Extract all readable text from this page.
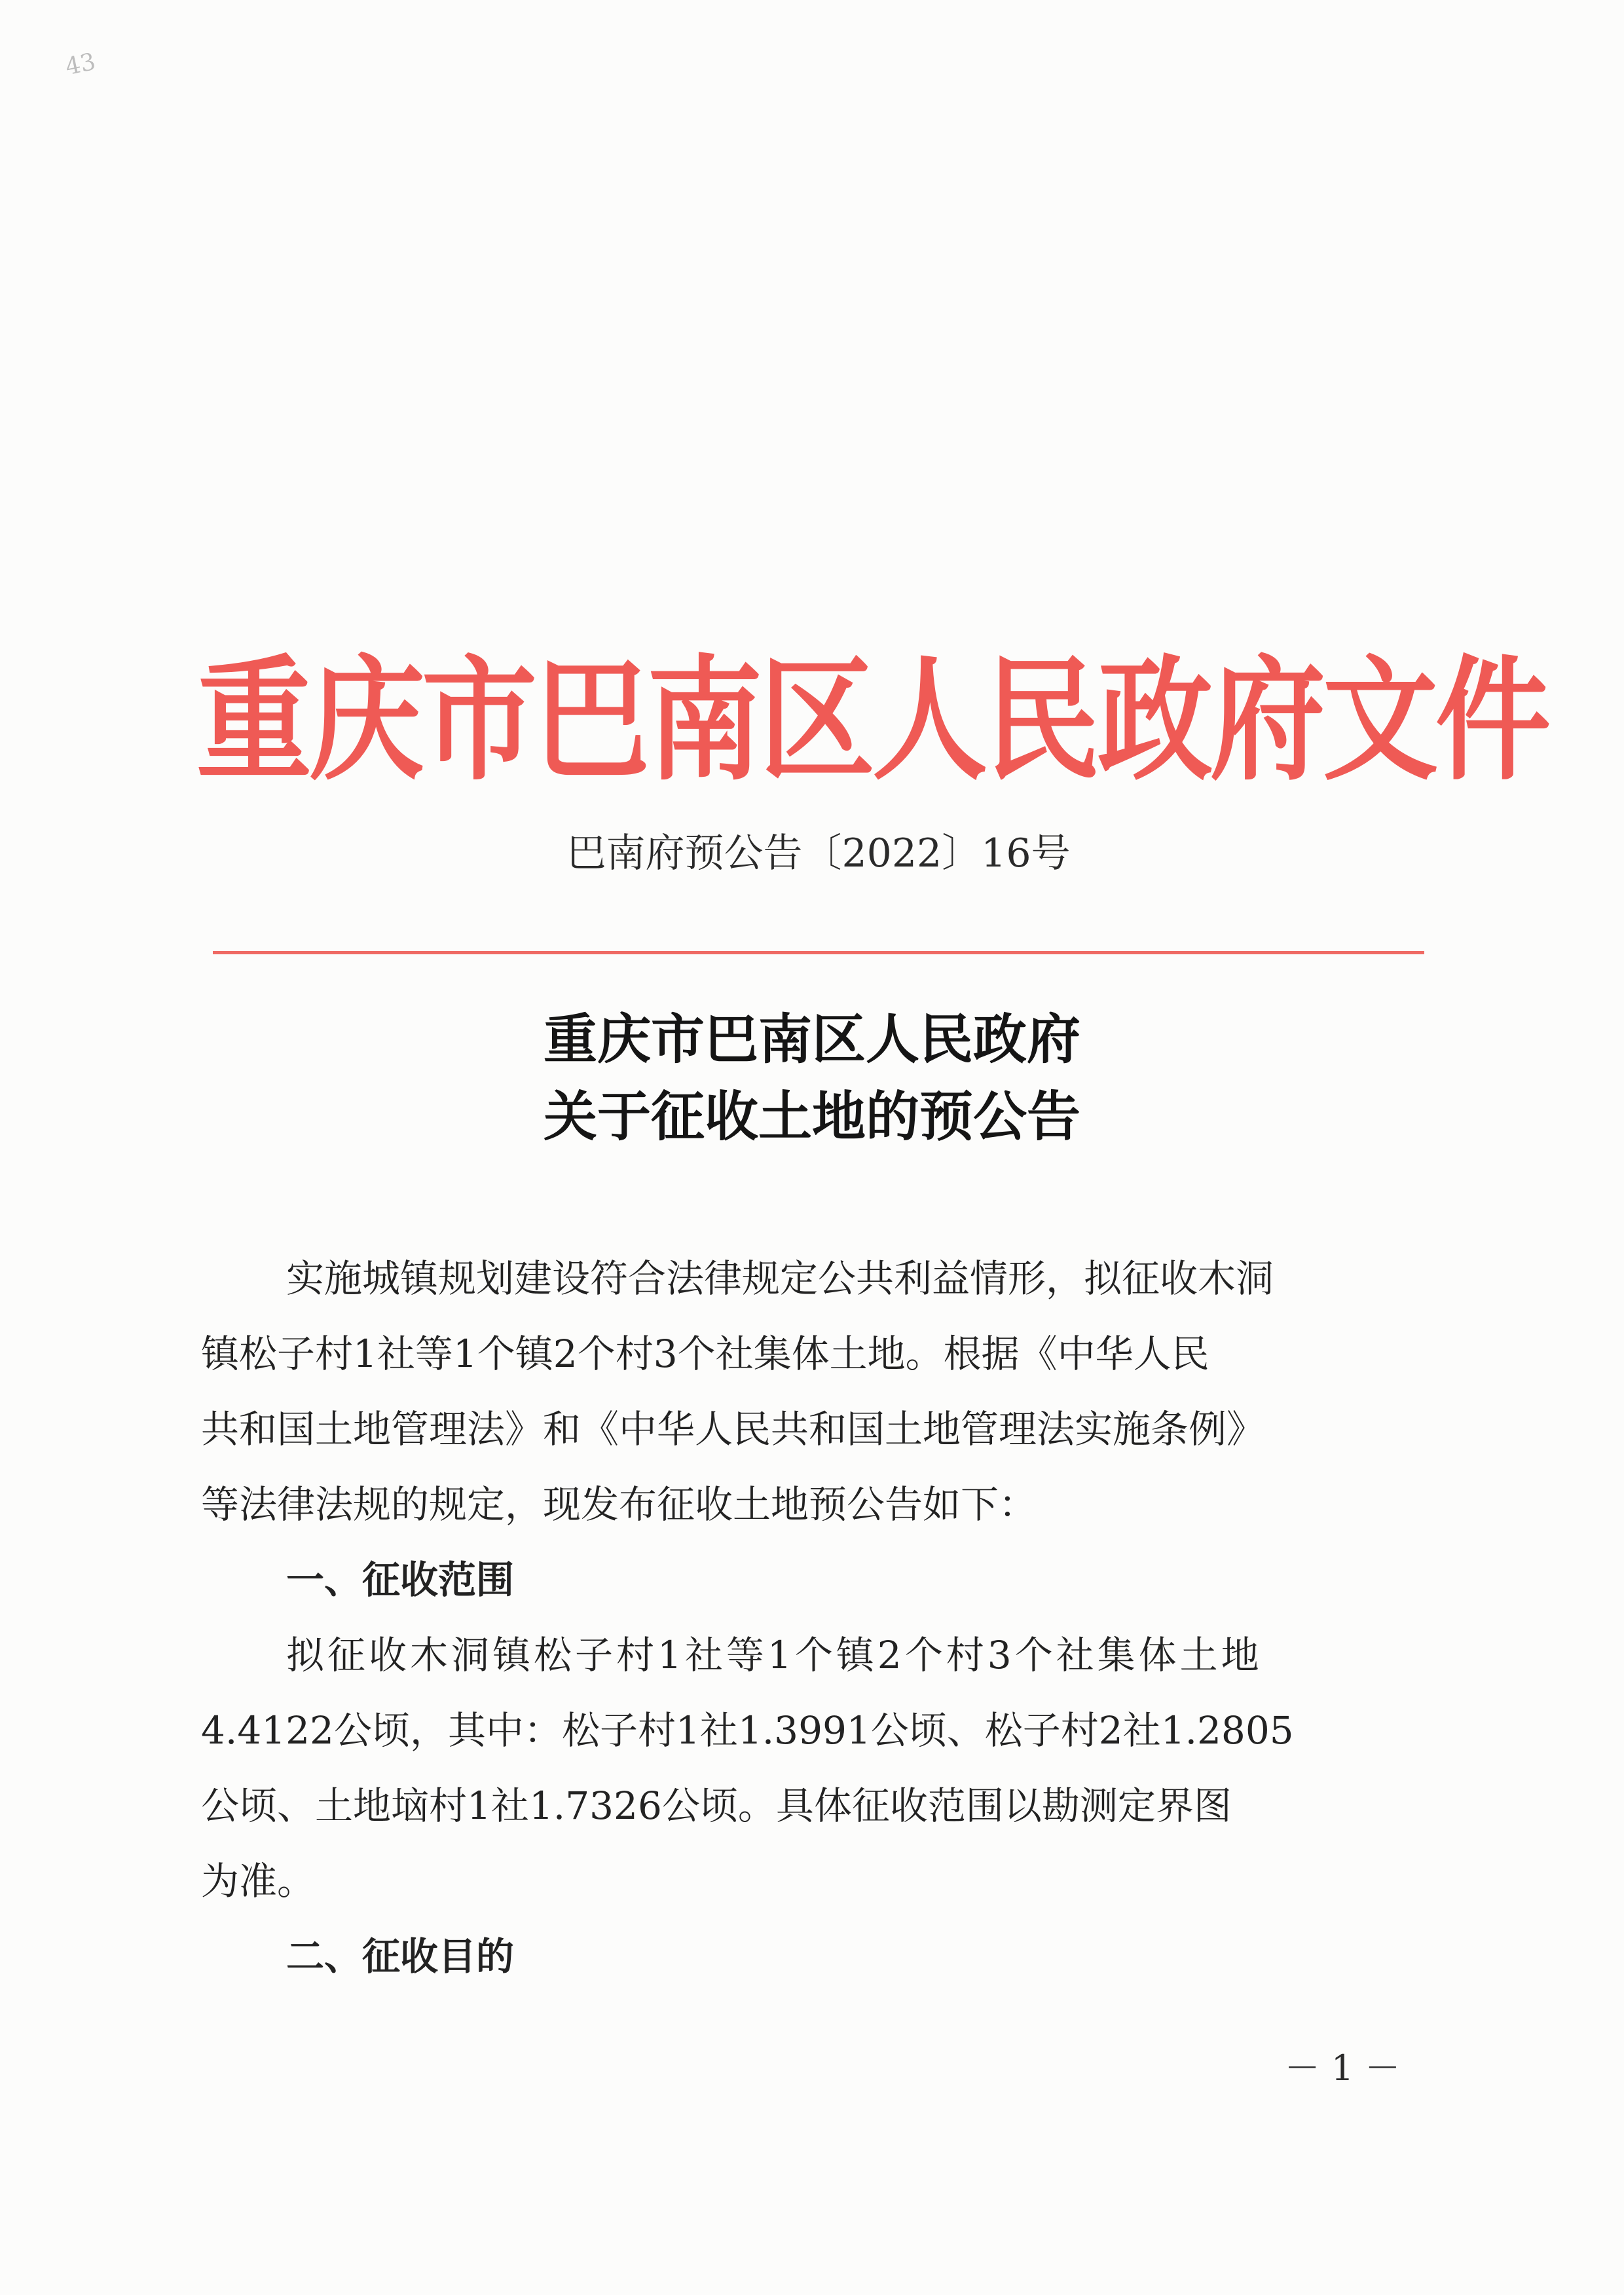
43
重庆市巴南区人民政府文件
巴南府预公告〔2022〕16号
重庆市巴南区人民政府
关于征收土地的预公告
实施城镇规划建设符合法律规定公共利益情形，拟征收木洞
镇松子村1社等1个镇2个村3个社集体土地。根据《中华人民
共和国土地管理法》和《中华人民共和国土地管理法实施条例》
等法律法规的规定，现发布征收土地预公告如下：
一、征收范围
拟征收木洞镇松子村1社等1个镇2个村3个社集体土地
4.4122公顷，其中：松子村1社1.3991公顷、松子村2社1.2805
公顷、土地垴村1社1.7326公顷。具体征收范围以勘测定界图
为准。
二、征收目的
－ 1 －
